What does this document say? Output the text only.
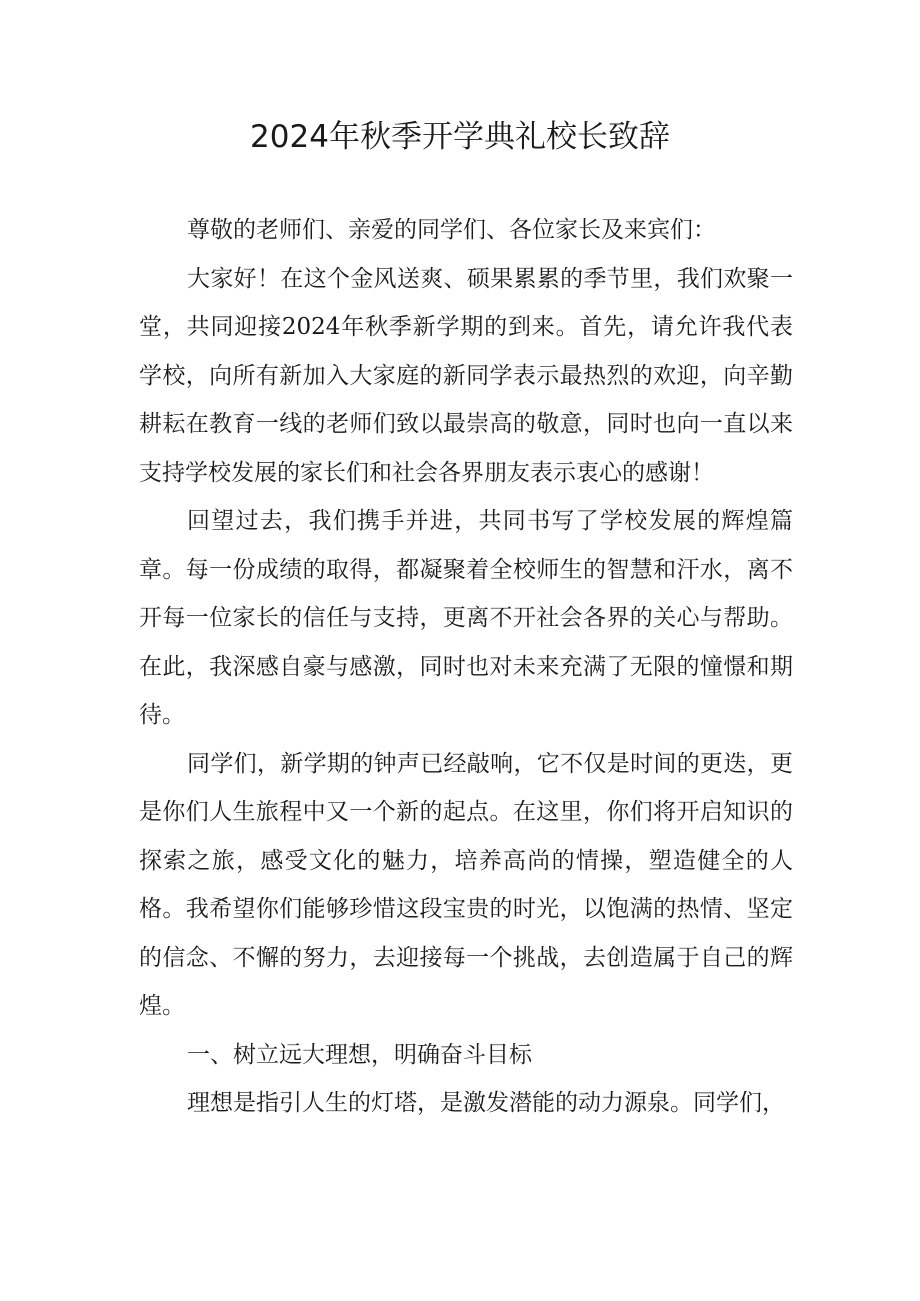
2024年秋季开学典礼校长致辞

尊敬的老师们、亲爱的同学们、各位家长及来宾们：

大家好！在这个金风送爽、硕果累累的季节里，我们欢聚一堂，共同迎接2024年秋季新学期的到来。首先，请允许我代表学校，向所有新加入大家庭的新同学表示最热烈的欢迎，向辛勤耕耘在教育一线的老师们致以最崇高的敬意，同时也向一直以来支持学校发展的家长们和社会各界朋友表示衷心的感谢！

回望过去，我们携手并进，共同书写了学校发展的辉煌篇章。每一份成绩的取得，都凝聚着全校师生的智慧和汗水，离不开每一位家长的信任与支持，更离不开社会各界的关心与帮助。在此，我深感自豪与感激，同时也对未来充满了无限的憧憬和期待。

同学们，新学期的钟声已经敲响，它不仅是时间的更迭，更是你们人生旅程中又一个新的起点。在这里，你们将开启知识的探索之旅，感受文化的魅力，培养高尚的情操，塑造健全的人格。我希望你们能够珍惜这段宝贵的时光，以饱满的热情、坚定的信念、不懈的努力，去迎接每一个挑战，去创造属于自己的辉煌。

一、树立远大理想，明确奋斗目标

理想是指引人生的灯塔，是激发潜能的动力源泉。同学们，
